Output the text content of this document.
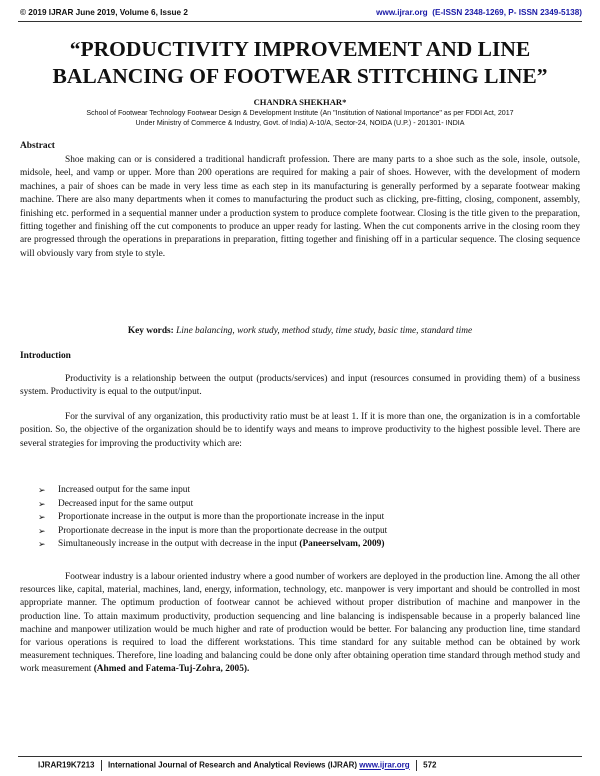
© 2019 IJRAR June 2019, Volume 6, Issue 2	www.ijrar.org (E-ISSN 2348-1269, P- ISSN 2349-5138)
“PRODUCTIVITY IMPROVEMENT AND LINE
BALANCING OF FOOTWEAR STITCHING LINE”
CHANDRA SHEKHAR*
School of Footwear Technology Footwear Design & Development Institute (An "Institution of National Importance" as per FDDI Act, 2017
Under Ministry of Commerce & Industry, Govt. of India) A-10/A, Sector-24, NOIDA (U.P.) - 201301- INDIA
Abstract

Shoe making can or is considered a traditional handicraft profession. There are many parts to a shoe such as the sole, insole, outsole, midsole, heel, and vamp or upper. More than 200 operations are required for making a pair of shoes. However, with the development of modern machines, a pair of shoes can be made in very less time as each step in its manufacturing is generally performed by a separate footwear making machine. There are also many departments when it comes to manufacturing the product such as clicking, pre-fitting, closing, component, assembly, finishing etc. performed in a sequential manner under a production system to produce complete footwear. Closing is the title given to the preparation, fitting together and finishing off the cut components to produce an upper ready for lasting. When the cut components arrive in the closing room they are progressed through the operations in preparations in preparation, fitting together and finishing off in a particular sequence. The closing sequence will obviously vary from style to style.

Key words: Line balancing, work study, method study, time study, basic time, standard time
Introduction

Productivity is a relationship between the output (products/services) and input (resources consumed in providing them) of a business system. Productivity is equal to the output/input.

For the survival of any organization, this productivity ratio must be at least 1. If it is more than one, the organization is in a comfortable position. So, the objective of the organization should be to identify ways and means to improve productivity to the highest possible level. There are several strategies for improving the productivity which are:

➢ Increased output for the same input
➢ Decreased input for the same output
➢ Proportionate increase in the output is more than the proportionate increase in the input
➢ Proportionate decrease in the input is more than the proportionate decrease in the output
➢ Simultaneously increase in the output with decrease in the input (Paneerselvam, 2009)

Footwear industry is a labour oriented industry where a good number of workers are deployed in the production line. Among the all other resources like, capital, material, machines, land, energy, information, technology, etc. manpower is very important and should be controlled in most appropriate manner. The optimum production of footwear cannot be achieved without proper distribution of machine and manpower in the production line. To attain maximum productivity, production sequencing and line balancing is indispensable because in a properly balanced line machine and manpower utilization would be much higher and rate of production would be better. For balancing any production line, time standard for various operations is required to load the different workstations. This time standard for any suitable method can be obtained by work measurement techniques. Therefore, line loading and balancing could be done only after obtaining operation time standard through method study and work measurement (Ahmed and Fatema-Tuj-Zohra, 2005).

IJRAR19K7213 International Journal of Research and Analytical Reviews (IJRAR) www.ijrar.org 572
